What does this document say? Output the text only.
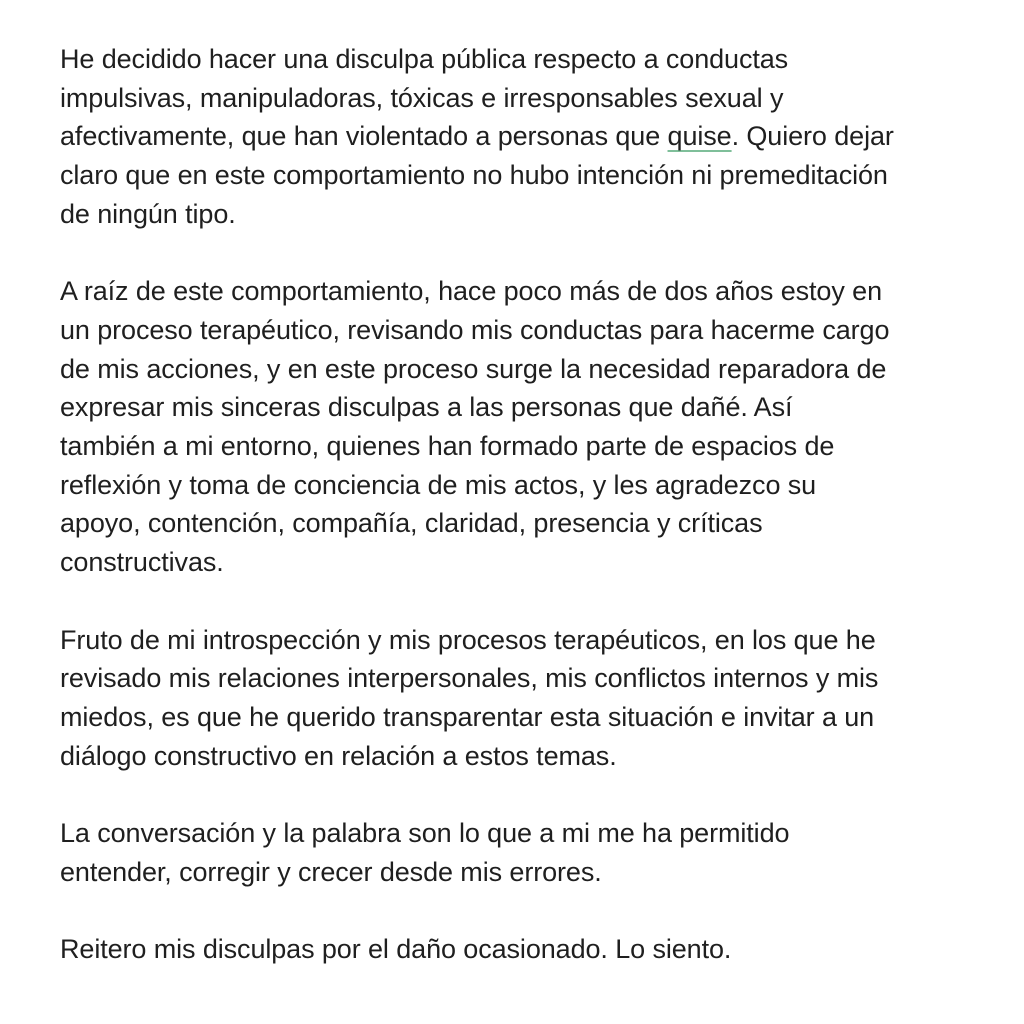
He decidido hacer una disculpa pública respecto a conductas
impulsivas, manipuladoras, tóxicas e irresponsables sexual y
afectivamente, que han violentado a personas que quise. Quiero dejar
claro que en este comportamiento no hubo intención ni premeditación
de ningún tipo.

A raíz de este comportamiento, hace poco más de dos años estoy en
un proceso terapéutico, revisando mis conductas para hacerme cargo
de mis acciones, y en este proceso surge la necesidad reparadora de
expresar mis sinceras disculpas a las personas que dañé. Así
también a mi entorno, quienes han formado parte de espacios de
reflexión y toma de conciencia de mis actos, y les agradezco su
apoyo, contención, compañía, claridad, presencia y críticas
constructivas.

Fruto de mi introspección y mis procesos terapéuticos, en los que he
revisado mis relaciones interpersonales, mis conflictos internos y mis
miedos, es que he querido transparentar esta situación e invitar a un
diálogo constructivo en relación a estos temas.

La conversación y la palabra son lo que a mi me ha permitido
entender, corregir y crecer desde mis errores.

Reitero mis disculpas por el daño ocasionado. Lo siento.
